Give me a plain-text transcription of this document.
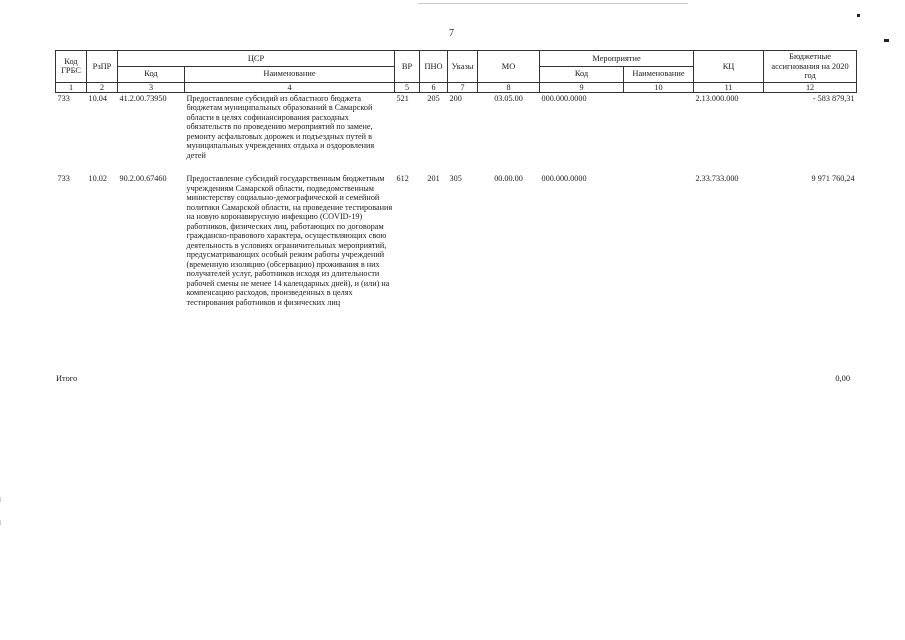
7
Код ГРБС	РзПР	ЦСР		ВР	ПНО	Указы	МО	Мероприятие		КЦ	Бюджетные ассигнования на 2020 год
		Код	Наименование					Код	Наименование		
1	2	3	4	5	6	7	8	9	10	11	12
733	10.04	41.2.00.73950	Предоставление субсидий из областного бюджета бюджетам муниципальных образований в Самарской области в целях софинансирования расходных обязательств по проведению мероприятий по замене, ремонту асфальтовых дорожек и подъездных путей в муниципальных учреждениях отдыха и оздоровления детей	521	205	200	03.05.00	000.000.0000		2.13.000.000	- 583 879,31

733	10.02	90.2.00.67460	Предоставление субсидий государственным бюджетным учреждениям Самарской области, подведомственным министерству социально-демографической и семейной политики Самарской области, на проведение тестирования на новую коронавирусную инфекцию (COVID-19) работников, физических лиц, работающих по договорам гражданско-правового характера, осуществляющих свою деятельность в условиях ограничительных мероприятий, предусматривающих особый режим работы учреждений (временную изоляцию (обсервацию) проживания в них получателей услуг, работников исходя из длительности рабочей смены не менее 14 календарных дней), и (или) на компенсацию расходов, произведенных в целях тестирования работников и физических лиц	612	201	305	00.00.00	000.000.0000		2.33.733.000	9 971 760,24
Итого	0,00
